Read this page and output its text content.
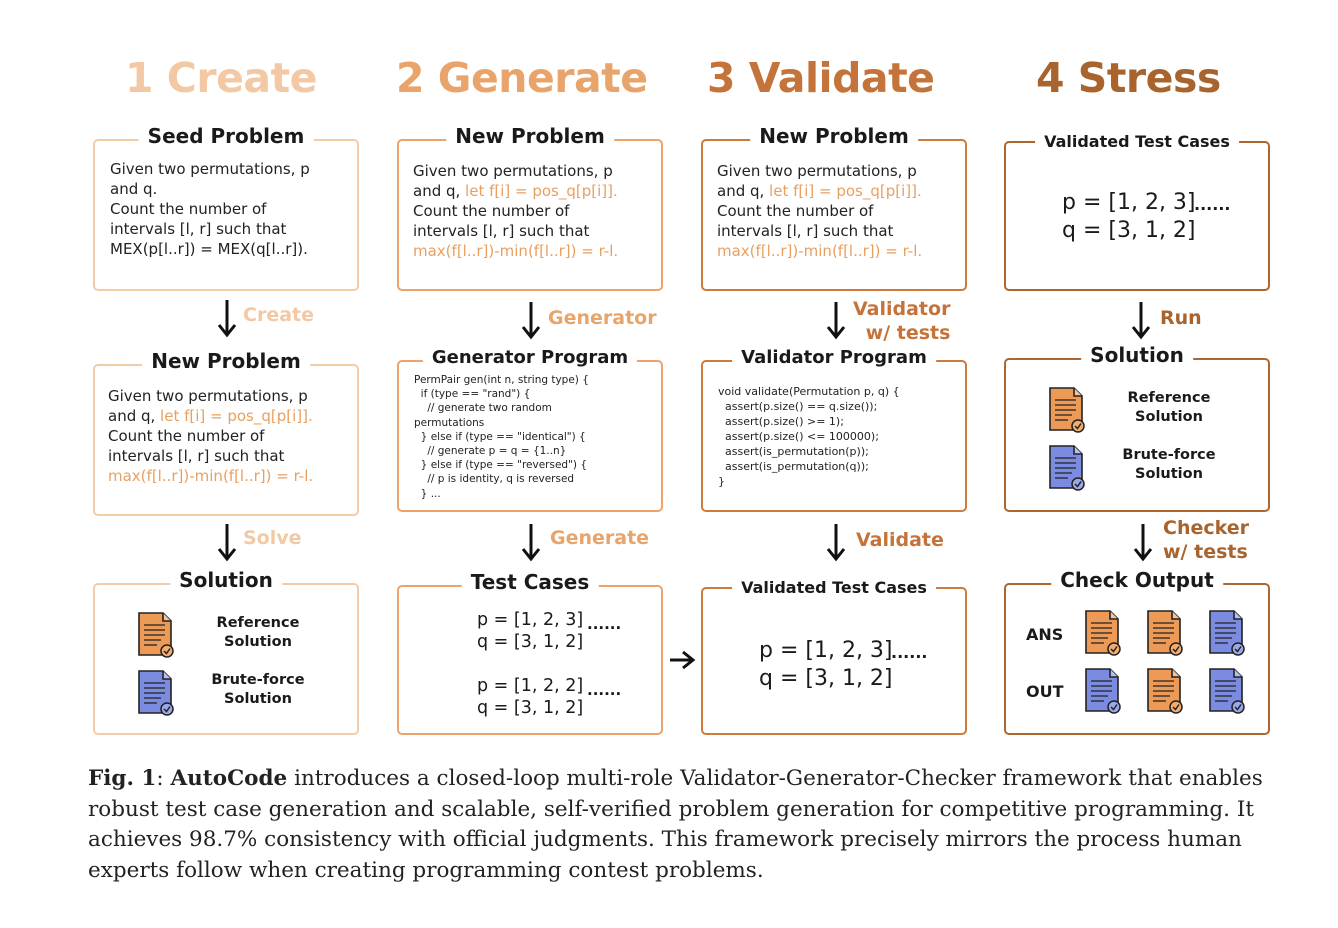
1 Create 2 Generate 3 Validate 4 Stress
Seed Problem
Given two permutations, p
and q.
Count the number of
intervals [l, r] such that
MEX(p[l..r]) = MEX(q[l..r]).
Create
New Problem
Given two permutations, p
and q, let f[i] = pos_q[p[i]].
Count the number of
intervals [l, r] such that
max(f[l..r])-min(f[l..r]) = r-l.
Solve
Solution
Reference
Solution
Brute-force
Solution
New Problem
Given two permutations, p
and q, let f[i] = pos_q[p[i]].
Count the number of
intervals [l, r] such that
max(f[l..r])-min(f[l..r]) = r-l.
Generator
Generator Program
PermPair gen(int n, string type) {
if (type == "rand") {
// generate two random
permutations
} else if (type == "identical") {
// generate p = q = {1..n}
} else if (type == "reversed") {
// p is identity, q is reversed
} ...
Generate
Test Cases
p = [1, 2, 3]
q = [3, 1, 2]
......
p = [1, 2, 2]
q = [3, 1, 2]
......
New Problem
Given two permutations, p
and q, let f[i] = pos_q[p[i]].
Count the number of
intervals [l, r] such that
max(f[l..r])-min(f[l..r]) = r-l.
Validator
w/ tests
Validator Program
void validate(Permutation p, q) {
assert(p.size() == q.size());
assert(p.size() >= 1);
assert(p.size() <= 100000);
assert(is_permutation(p));
assert(is_permutation(q));
}
Validate
Validated Test Cases
p = [1, 2, 3]
q = [3, 1, 2]
......
Validated Test Cases
p = [1, 2, 3]
q = [3, 1, 2]
......
Run
Solution
Reference
Solution
Brute-force
Solution
Checker
w/ tests
Check Output
ANS
OUT
Fig. 1: AutoCode introduces a closed-loop multi-role Validator-Generator-Checker framework that enables
robust test case generation and scalable, self-verified problem generation for competitive programming. It
achieves 98.7% consistency with official judgments. This framework precisely mirrors the process human
experts follow when creating programming contest problems.
